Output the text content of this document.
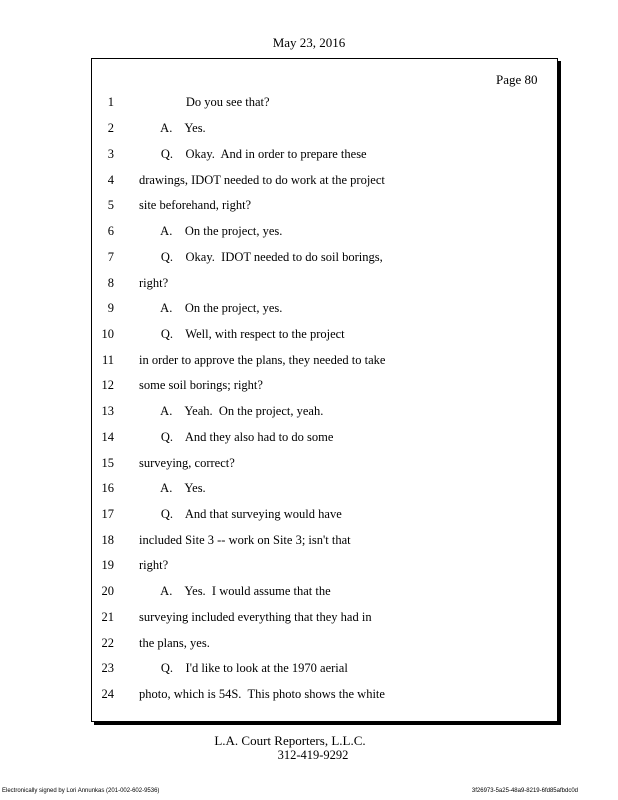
May 23, 2016
Page 80
1 Do you see that?
2 A.    Yes.
3 Q.    Okay.  And in order to prepare these
4 drawings, IDOT needed to do work at the project
5 site beforehand, right?
6 A.    On the project, yes.
7 Q.    Okay.  IDOT needed to do soil borings,
8 right?
9 A.    On the project, yes.
10 Q.    Well, with respect to the project
11 in order to approve the plans, they needed to take
12 some soil borings; right?
13 A.    Yeah.  On the project, yeah.
14 Q.    And they also had to do some
15 surveying, correct?
16 A.    Yes.
17 Q.    And that surveying would have
18 included Site 3 -- work on Site 3; isn't that
19 right?
20 A.    Yes.  I would assume that the
21 surveying included everything that they had in
22 the plans, yes.
23 Q.    I'd like to look at the 1970 aerial
24 photo, which is 54S.  This photo shows the white
L.A. Court Reporters, L.L.C.
312-419-9292
Electronically signed by Lori Annunkas (201-002-602-9536)	3f26973-5a25-48a9-8219-6fd85afbdc0d
